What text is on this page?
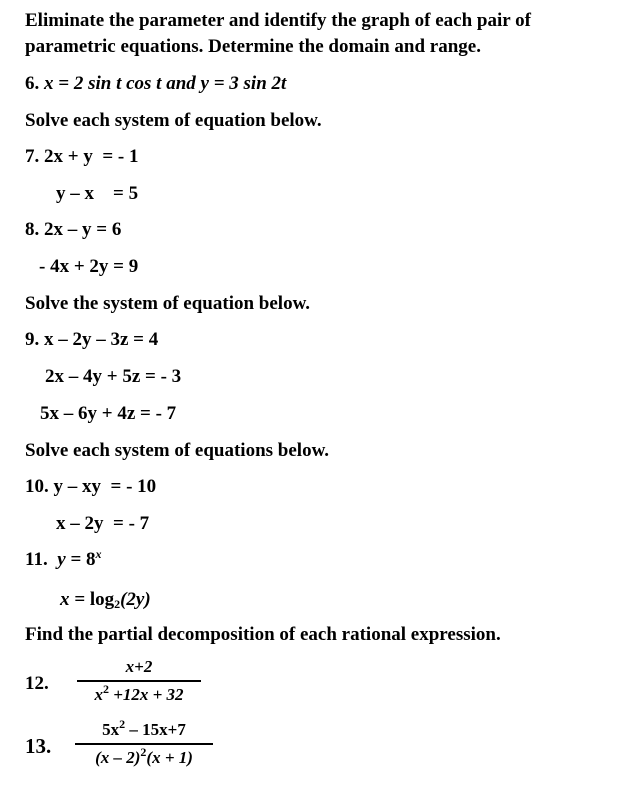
Eliminate the parameter and identify the graph of each pair of
parametric equations. Determine the domain and range.
6. x = 2 sin t cos t and y = 3 sin 2t
Solve each system of equation below.
7. 2x + y  = - 1
y – x    = 5
8. 2x – y = 6
- 4x + 2y = 9
Solve the system of equation below.
9. x – 2y – 3z = 4
2x – 4y + 5z = - 3
5x – 6y + 4z = - 7
Solve each system of equations below.
10. y – xy  = - 10
x – 2y  = - 7
11. $y = 8^x$
$x = \log_2(2y)$
Find the partial decomposition of each rational expression.
12.
x+2
$x^2 +12x + 32$
13.
$5x^2 - 15x+7$
(x – 2)$^2$(x + 1)
